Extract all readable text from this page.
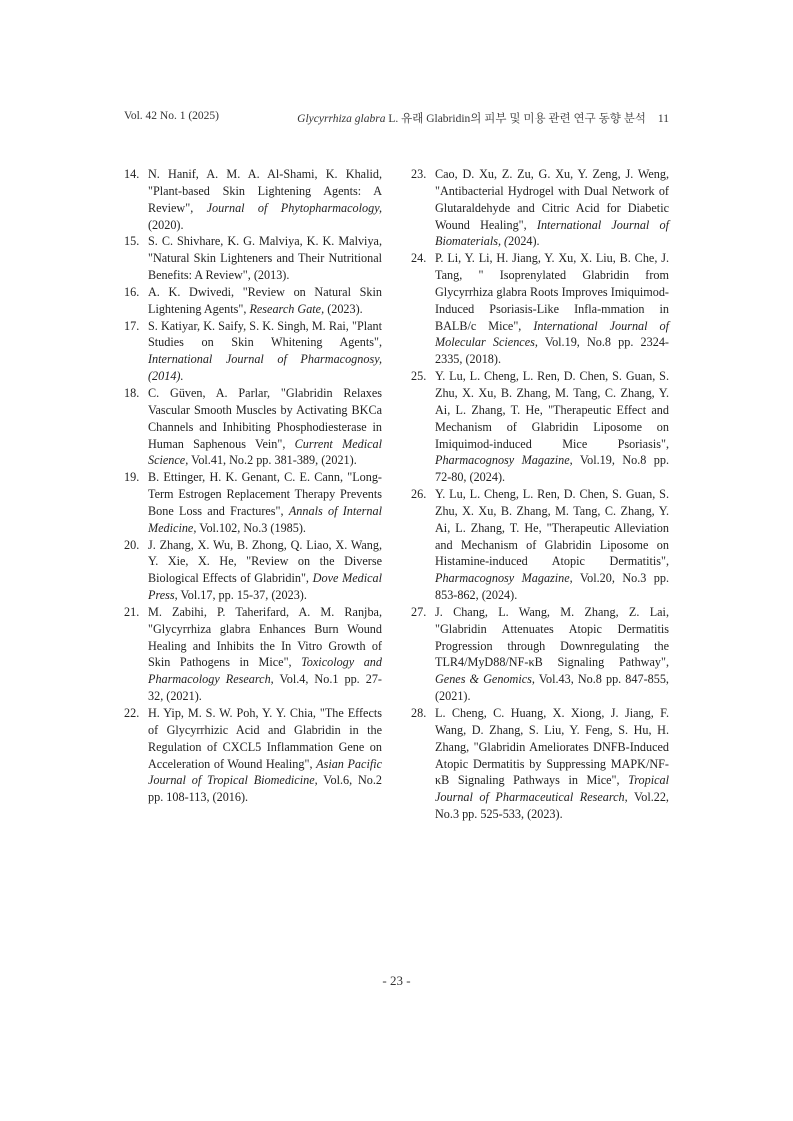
Vol. 42 No. 1 (2025)	Glycyrrhiza glabra L. 유래 Glabridin의 피부 및 미용 관련 연구 동향 분석 11
14. N. Hanif, A. M. A. Al-Shami, K. Khalid, "Plant-based Skin Lightening Agents: A Review", Journal of Phytopharmacology, (2020).
15. S. C. Shivhare, K. G. Malviya, K. K. Malviya, "Natural Skin Lighteners and Their Nutritional Benefits: A Review", (2013).
16. A. K. Dwivedi, "Review on Natural Skin Lightening Agents", Research Gate, (2023).
17. S. Katiyar, K. Saify, S. K. Singh, M. Rai, "Plant Studies on Skin Whitening Agents", International Journal of Pharmacognosy, (2014).
18. C. Güven, A. Parlar, "Glabridin Relaxes Vascular Smooth Muscles by Activating BKCa Channels and Inhibiting Phosphodiesterase in Human Saphenous Vein", Current Medical Science, Vol.41, No.2 pp. 381-389, (2021).
19. B. Ettinger, H. K. Genant, C. E. Cann, "Long-Term Estrogen Replacement Therapy Prevents Bone Loss and Fractures", Annals of Internal Medicine, Vol.102, No.3 (1985).
20. J. Zhang, X. Wu, B. Zhong, Q. Liao, X. Wang, Y. Xie, X. He, "Review on the Diverse Biological Effects of Glabridin", Dove Medical Press, Vol.17, pp. 15-37, (2023).
21. M. Zabihi, P. Taherifard, A. M. Ranjba, "Glycyrrhiza glabra Enhances Burn Wound Healing and Inhibits the In Vitro Growth of Skin Pathogens in Mice", Toxicology and Pharmacology Research, Vol.4, No.1 pp. 27-32, (2021).
22. H. Yip, M. S. W. Poh, Y. Y. Chia, "The Effects of Glycyrrhizic Acid and Glabridin in the Regulation of CXCL5 Inflammation Gene on Acceleration of Wound Healing", Asian Pacific Journal of Tropical Biomedicine, Vol.6, No.2 pp. 108-113, (2016).
23. Cao, D. Xu, Z. Zu, G. Xu, Y. Zeng, J. Weng, "Antibacterial Hydrogel with Dual Network of Glutaraldehyde and Citric Acid for Diabetic Wound Healing", International Journal of Biomaterials, (2024).
24. P. Li, Y. Li, H. Jiang, Y. Xu, X. Liu, B. Che, J. Tang, " Isoprenylated Glabridin from Glycyrrhiza glabra Roots Improves Imiquimod-Induced Psoriasis-Like Infla-mmation in BALB/c Mice", International Journal of Molecular Sciences, Vol.19, No.8 pp. 2324-2335, (2018).
25. Y. Lu, L. Cheng, L. Ren, D. Chen, S. Guan, S. Zhu, X. Xu, B. Zhang, M. Tang, C. Zhang, Y. Ai, L. Zhang, T. He, "Therapeutic Effect and Mechanism of Glabridin Liposome on Imiquimod-induced Mice Psoriasis", Pharmacognosy Magazine, Vol.19, No.8 pp. 72-80, (2024).
26. Y. Lu, L. Cheng, L. Ren, D. Chen, S. Guan, S. Zhu, X. Xu, B. Zhang, M. Tang, C. Zhang, Y. Ai, L. Zhang, T. He, "Therapeutic Alleviation and Mechanism of Glabridin Liposome on Histamine-induced Atopic Dermatitis", Pharmacognosy Magazine, Vol.20, No.3 pp. 853-862, (2024).
27. J. Chang, L. Wang, M. Zhang, Z. Lai, "Glabridin Attenuates Atopic Dermatitis Progression through Downregulating the TLR4/MyD88/NF-κB Signaling Pathway", Genes & Genomics, Vol.43, No.8 pp. 847-855, (2021).
28. L. Cheng, C. Huang, X. Xiong, J. Jiang, F. Wang, D. Zhang, S. Liu, Y. Feng, S. Hu, H. Zhang, "Glabridin Ameliorates DNFB-Induced Atopic Dermatitis by Suppressing MAPK/NF-κB Signaling Pathways in Mice", Tropical Journal of Pharmaceutical Research, Vol.22, No.3 pp. 525-533, (2023).
- 23 -
